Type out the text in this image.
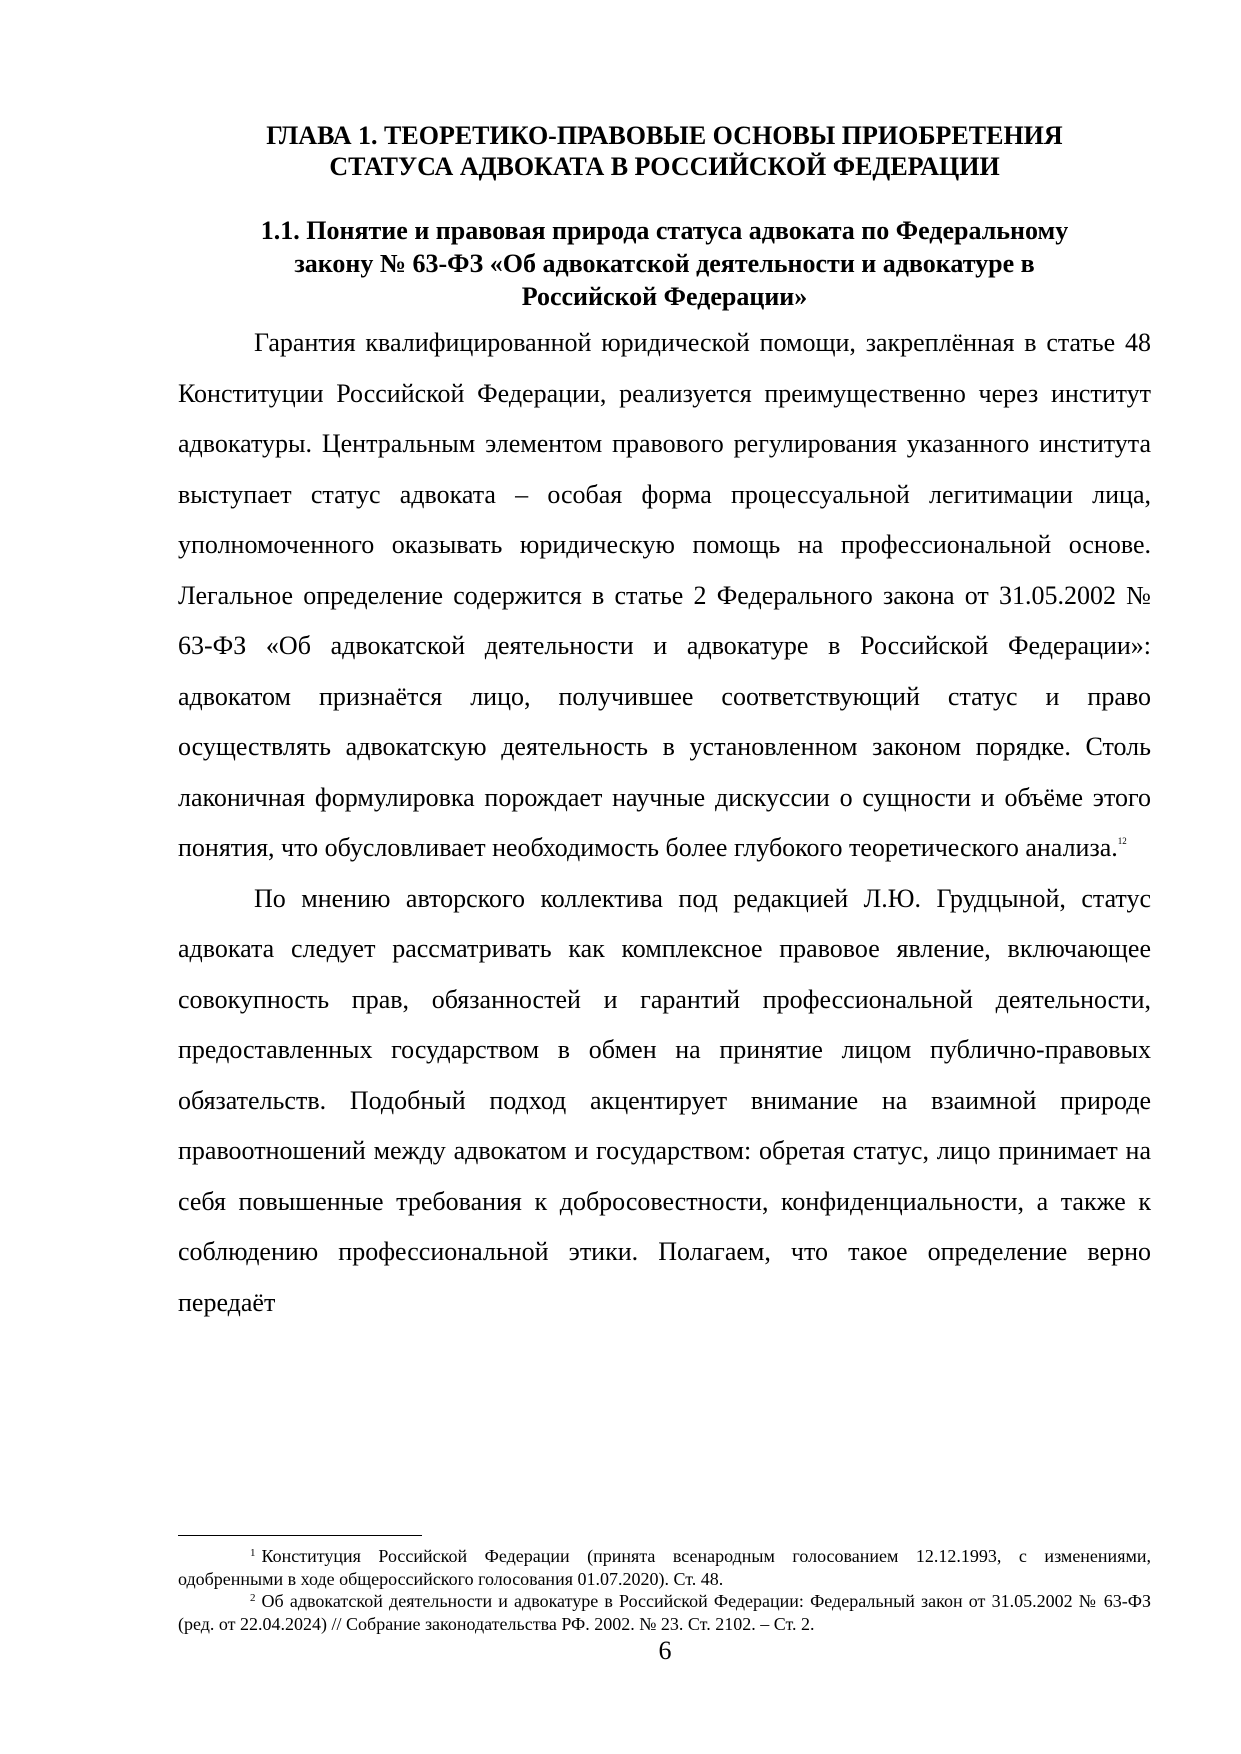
ГЛАВА 1. ТЕОРЕТИКО-ПРАВОВЫЕ ОСНОВЫ ПРИОБРЕТЕНИЯ
СТАТУСА АДВОКАТА В РОССИЙСКОЙ ФЕДЕРАЦИИ
1.1. Понятие и правовая природа статуса адвоката по Федеральному
закону № 63-ФЗ «Об адвокатской деятельности и адвокатуре в
Российской Федерации»

Гарантия квалифицированной юридической помощи, закреплённая в статье 48 Конституции Российской Федерации, реализуется преимущественно через институт адвокатуры. Центральным элементом правового регулирования указанного института выступает статус адвоката – особая форма процессуальной легитимации лица, уполномоченного оказывать юридическую помощь на профессиональной основе. Легальное определение содержится в статье 2 Федерального закона от 31.05.2002 № 63-ФЗ «Об адвокатской деятельности и адвокатуре в Российской Федерации»: адвокатом признаётся лицо, получившее соответствующий статус и право осуществлять адвокатскую деятельность в установленном законом порядке. Столь лаконичная формулировка порождает научные дискуссии о сущности и объёме этого понятия, что обусловливает необходимость более глубокого теоретического анализа.$^{12}$

По мнению авторского коллектива под редакцией Л.Ю. Грудцыной, статус адвоката следует рассматривать как комплексное правовое явление, включающее совокупность прав, обязанностей и гарантий профессиональной деятельности, предоставленных государством в обмен на принятие лицом публично-правовых обязательств. Подобный подход акцентирует внимание на взаимной природе правоотношений между адвокатом и государством: обретая статус, лицо принимает на себя повышенные требования к добросовестности, конфиденциальности, а также к соблюдению профессиональной этики. Полагаем, что такое определение верно передаёт

$^1$ Конституция Российской Федерации (принята всенародным голосованием 12.12.1993, с изменениями, одобренными в ходе общероссийского голосования 01.07.2020). Ст. 48.

$^2$ Об адвокатской деятельности и адвокатуре в Российской Федерации: Федеральный закон от 31.05.2002 № 63-ФЗ (ред. от 22.04.2024) // Собрание законодательства РФ. 2002. № 23. Ст. 2102. – Ст. 2.

6
